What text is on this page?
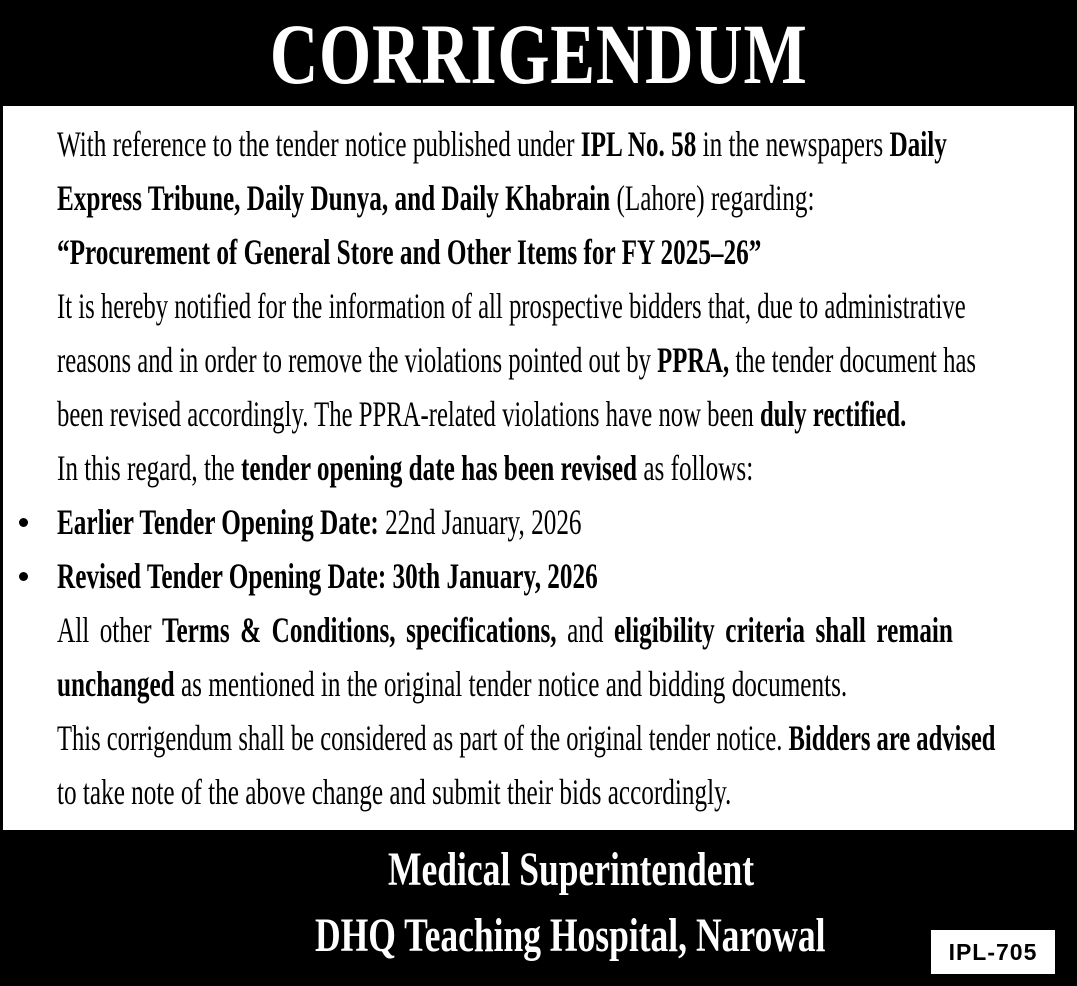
CORRIGENDUM
With reference to the tender notice published under IPL No. 58 in the newspapers Daily
Express Tribune, Daily Dunya, and Daily Khabrain (Lahore) regarding:
“Procurement of General Store and Other Items for FY 2025–26”
It is hereby notified for the information of all prospective bidders that, due to administrative
reasons and in order to remove the violations pointed out by PPRA, the tender document has
been revised accordingly. The PPRA-related violations have now been duly rectified.
In this regard, the tender opening date has been revised as follows:
Earlier Tender Opening Date: 22nd January, 2026
Revised Tender Opening Date: 30th January, 2026
All other Terms & Conditions, specifications, and eligibility criteria shall remain
unchanged as mentioned in the original tender notice and bidding documents.
This corrigendum shall be considered as part of the original tender notice. Bidders are advised
to take note of the above change and submit their bids accordingly.
Medical Superintendent
DHQ Teaching Hospital, Narowal	IPL-705
